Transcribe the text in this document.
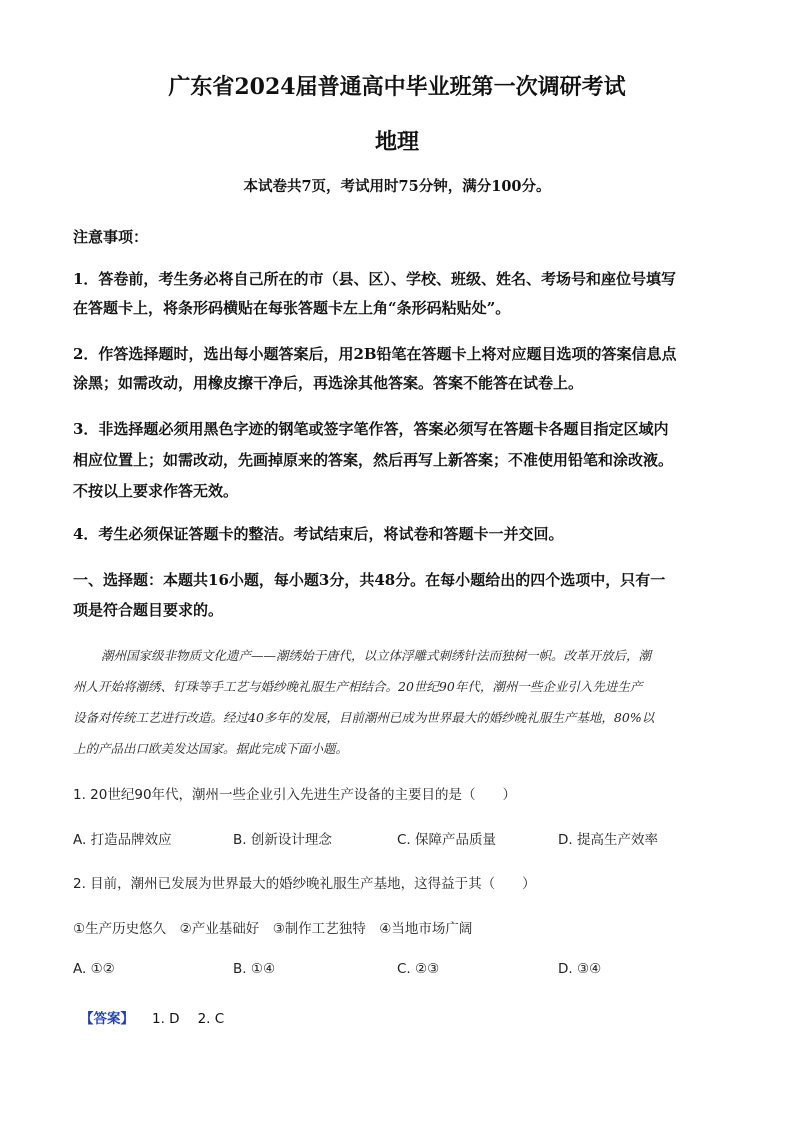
广东省2024届普通高中毕业班第一次调研考试
地理
本试卷共7页，考试用时75分钟，满分100分。
注意事项：
1．答卷前，考生务必将自己所在的市（县、区）、学校、班级、姓名、考场号和座位号填写
在答题卡上，将条形码横贴在每张答题卡左上角“条形码粘贴处”。
2．作答选择题时，选出每小题答案后，用2B铅笔在答题卡上将对应题目选项的答案信息点
涂黑；如需改动，用橡皮擦干净后，再选涂其他答案。答案不能答在试卷上。
3．非选择题必须用黑色字迹的钢笔或签字笔作答，答案必须写在答题卡各题目指定区域内
相应位置上；如需改动，先画掉原来的答案，然后再写上新答案；不准使用铅笔和涂改液。
不按以上要求作答无效。
4．考生必须保证答题卡的整洁。考试结束后，将试卷和答题卡一并交回。
一、选择题：本题共16小题，每小题3分，共48分。在每小题给出的四个选项中，只有一
项是符合题目要求的。
潮州国家级非物质文化遗产——潮绣始于唐代，以立体浮雕式刺绣针法而独树一帜。改革开放后，潮
州人开始将潮绣、钉珠等手工艺与婚纱晚礼服生产相结合。20世纪90年代，潮州一些企业引入先进生产
设备对传统工艺进行改造。经过40多年的发展，目前潮州已成为世界最大的婚纱晚礼服生产基地，80%以
上的产品出口欧美发达国家。据此完成下面小题。
1. 20世纪90年代，潮州一些企业引入先进生产设备的主要目的是（　　）
A. 打造品牌效应	B. 创新设计理念	C. 保障产品质量	D. 提高生产效率
2. 目前，潮州已发展为世界最大的婚纱晚礼服生产基地，这得益于其（　　）
①生产历史悠久　②产业基础好　③制作工艺独特　④当地市场广阔
A. ①②	B. ①④	C. ②③	D. ③④
【答案】 1. D 2. C
